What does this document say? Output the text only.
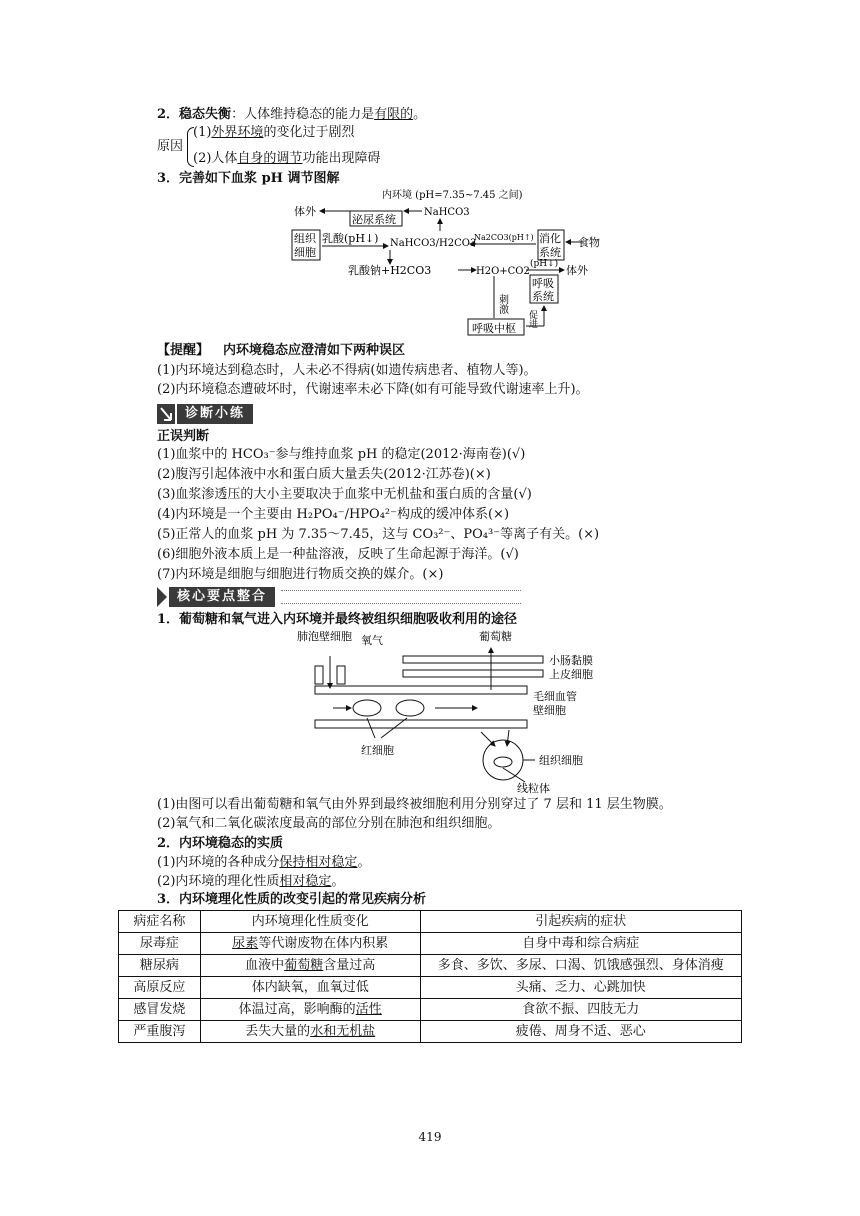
2．稳态失衡：人体维持稳态的能力是有限的。
原因
(1)外界环境的变化过于剧烈
(2)人体自身的调节功能出现障碍
3．完善如下血浆 pH 调节图解
内环境 (pH=7.35~7.45 之间)
体外
泌尿系统
NaHCO3
组织
细胞
乳酸(pH↓) NaHCO3/H2CO3
Na2CO3(pH↑) 消化
系统
食物
乳酸钠+H2CO3	H2O+CO2
(pH↓) 体外
呼吸
系统
刺激
呼吸中枢
促进
【提醒】 内环境稳态应澄清如下两种误区
(1)内环境达到稳态时，人未必不得病(如遗传病患者、植物人等)。
(2)内环境稳态遭破坏时，代谢速率未必下降(如有可能导致代谢速率上升)。
诊断小练
正误判断
(1)血浆中的 HCO₃⁻参与维持血浆 pH 的稳定(2012·海南卷)(√)
(2)腹泻引起体液中水和蛋白质大量丢失(2012·江苏卷)(×)
(3)血浆渗透压的大小主要取决于血浆中无机盐和蛋白质的含量(√)
(4)内环境是一个主要由 H₂PO₄⁻/HPO₄²⁻构成的缓冲体系(×)
(5)正常人的血浆 pH 为 7.35～7.45，这与 CO₃²⁻、PO₄³⁻等离子有关。(×)
(6)细胞外液本质上是一种盐溶液，反映了生命起源于海洋。(√)
(7)内环境是细胞与细胞进行物质交换的媒介。(×)
核心要点整合
1．葡萄糖和氧气进入内环境并最终被组织细胞吸收利用的途径
肺泡壁细胞 氧气	葡萄糖
小肠黏膜
上皮细胞
毛细血管
壁细胞
红细胞
组织细胞
线粒体
(1)由图可以看出葡萄糖和氧气由外界到最终被细胞利用分别穿过了 7 层和 11 层生物膜。
(2)氧气和二氧化碳浓度最高的部位分别在肺泡和组织细胞。
2．内环境稳态的实质
(1)内环境的各种成分保持相对稳定。
(2)内环境的理化性质相对稳定。
3．内环境理化性质的改变引起的常见疾病分析
病症名称	内环境理化性质变化	引起疾病的症状
尿毒症	尿素等代谢废物在体内积累	自身中毒和综合病症
糖尿病	血液中葡萄糖含量过高	多食、多饮、多尿、口渴、饥饿感强烈、身体消瘦
高原反应	体内缺氧，血氧过低	头痛、乏力、心跳加快
感冒发烧	体温过高，影响酶的活性	食欲不振、四肢无力
严重腹泻	丢失大量的水和无机盐	疲倦、周身不适、恶心
419
